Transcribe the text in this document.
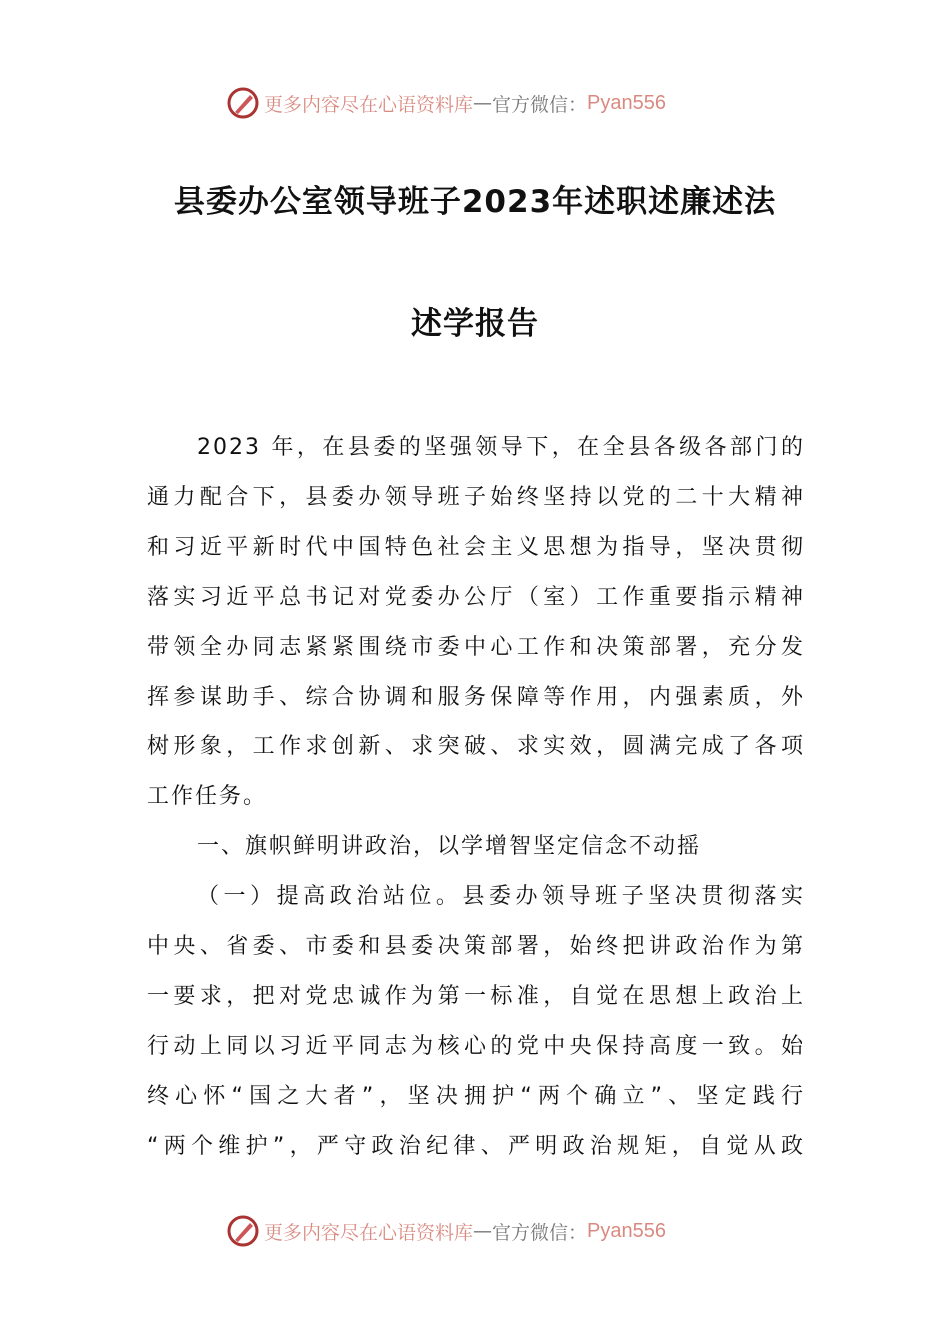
更多内容尽在心语资料库 — 官方微信： Pyan556
县委办公室领导班子2023年述职述廉述法
述学报告
2023 年，在县委的坚强领导下，在全县各级各部门的
通力配合下，县委办领导班子始终坚持以党的二十大精神
和习近平新时代中国特色社会主义思想为指导，坚决贯彻
落实习近平总书记对党委办公厅（室）工作重要指示精神
带领全办同志紧紧围绕市委中心工作和决策部署，充分发
挥参谋助手、综合协调和服务保障等作用，内强素质，外
树形象，工作求创新、求突破、求实效，圆满完成了各项
工作任务。
一、旗帜鲜明讲政治，以学增智坚定信念不动摇
（一）提高政治站位。县委办领导班子坚决贯彻落实
中央、省委、市委和县委决策部署，始终把讲政治作为第
一要求，把对党忠诚作为第一标准，自觉在思想上政治上
行动上同以习近平同志为核心的党中央保持高度一致。始
终心怀“国之大者”，坚决拥护“两个确立”、坚定践行
“两个维护”，严守政治纪律、严明政治规矩，自觉从政
更多内容尽在心语资料库 — 官方微信： Pyan556
